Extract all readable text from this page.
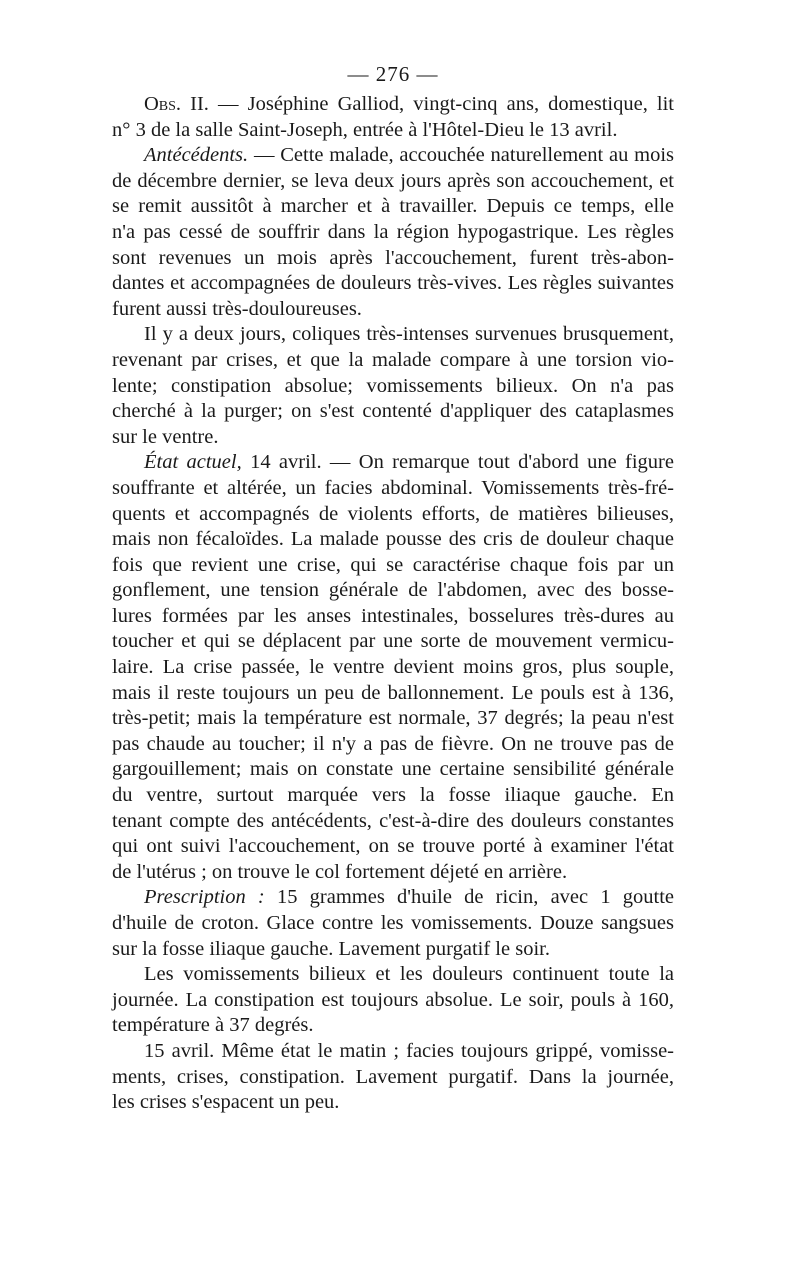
— 276 —
Obs. II. — Joséphine Galliod, vingt-cinq ans, domestique, lit
n° 3 de la salle Saint-Joseph, entrée à l'Hôtel-Dieu le 13 avril.
Antécédents. — Cette malade, accouchée naturellement au mois
de décembre dernier, se leva deux jours après son accouchement, et
se remit aussitôt à marcher et à travailler. Depuis ce temps, elle
n'a pas cessé de souffrir dans la région hypogastrique. Les règles
sont revenues un mois après l'accouchement, furent très-abon-
dantes et accompagnées de douleurs très-vives. Les règles suivantes
furent aussi très-douloureuses.
Il y a deux jours, coliques très-intenses survenues brusquement,
revenant par crises, et que la malade compare à une torsion vio-
lente; constipation absolue; vomissements bilieux. On n'a pas
cherché à la purger; on s'est contenté d'appliquer des cataplasmes
sur le ventre.
État actuel, 14 avril. — On remarque tout d'abord une figure
souffrante et altérée, un facies abdominal. Vomissements très-fré-
quents et accompagnés de violents efforts, de matières bilieuses,
mais non fécaloïdes. La malade pousse des cris de douleur chaque
fois que revient une crise, qui se caractérise chaque fois par un
gonflement, une tension générale de l'abdomen, avec des bosse-
lures formées par les anses intestinales, bosselures très-dures au
toucher et qui se déplacent par une sorte de mouvement vermicu-
laire. La crise passée, le ventre devient moins gros, plus souple,
mais il reste toujours un peu de ballonnement. Le pouls est à 136,
très-petit; mais la température est normale, 37 degrés; la peau n'est
pas chaude au toucher; il n'y a pas de fièvre. On ne trouve pas de
gargouillement; mais on constate une certaine sensibilité générale
du ventre, surtout marquée vers la fosse iliaque gauche. En
tenant compte des antécédents, c'est-à-dire des douleurs constantes
qui ont suivi l'accouchement, on se trouve porté à examiner l'état
de l'utérus ; on trouve le col fortement déjeté en arrière.
Prescription : 15 grammes d'huile de ricin, avec 1 goutte
d'huile de croton. Glace contre les vomissements. Douze sangsues
sur la fosse iliaque gauche. Lavement purgatif le soir.
Les vomissements bilieux et les douleurs continuent toute la
journée. La constipation est toujours absolue. Le soir, pouls à 160,
température à 37 degrés.
15 avril. Même état le matin ; facies toujours grippé, vomisse-
ments, crises, constipation. Lavement purgatif. Dans la journée,
les crises s'espacent un peu.
